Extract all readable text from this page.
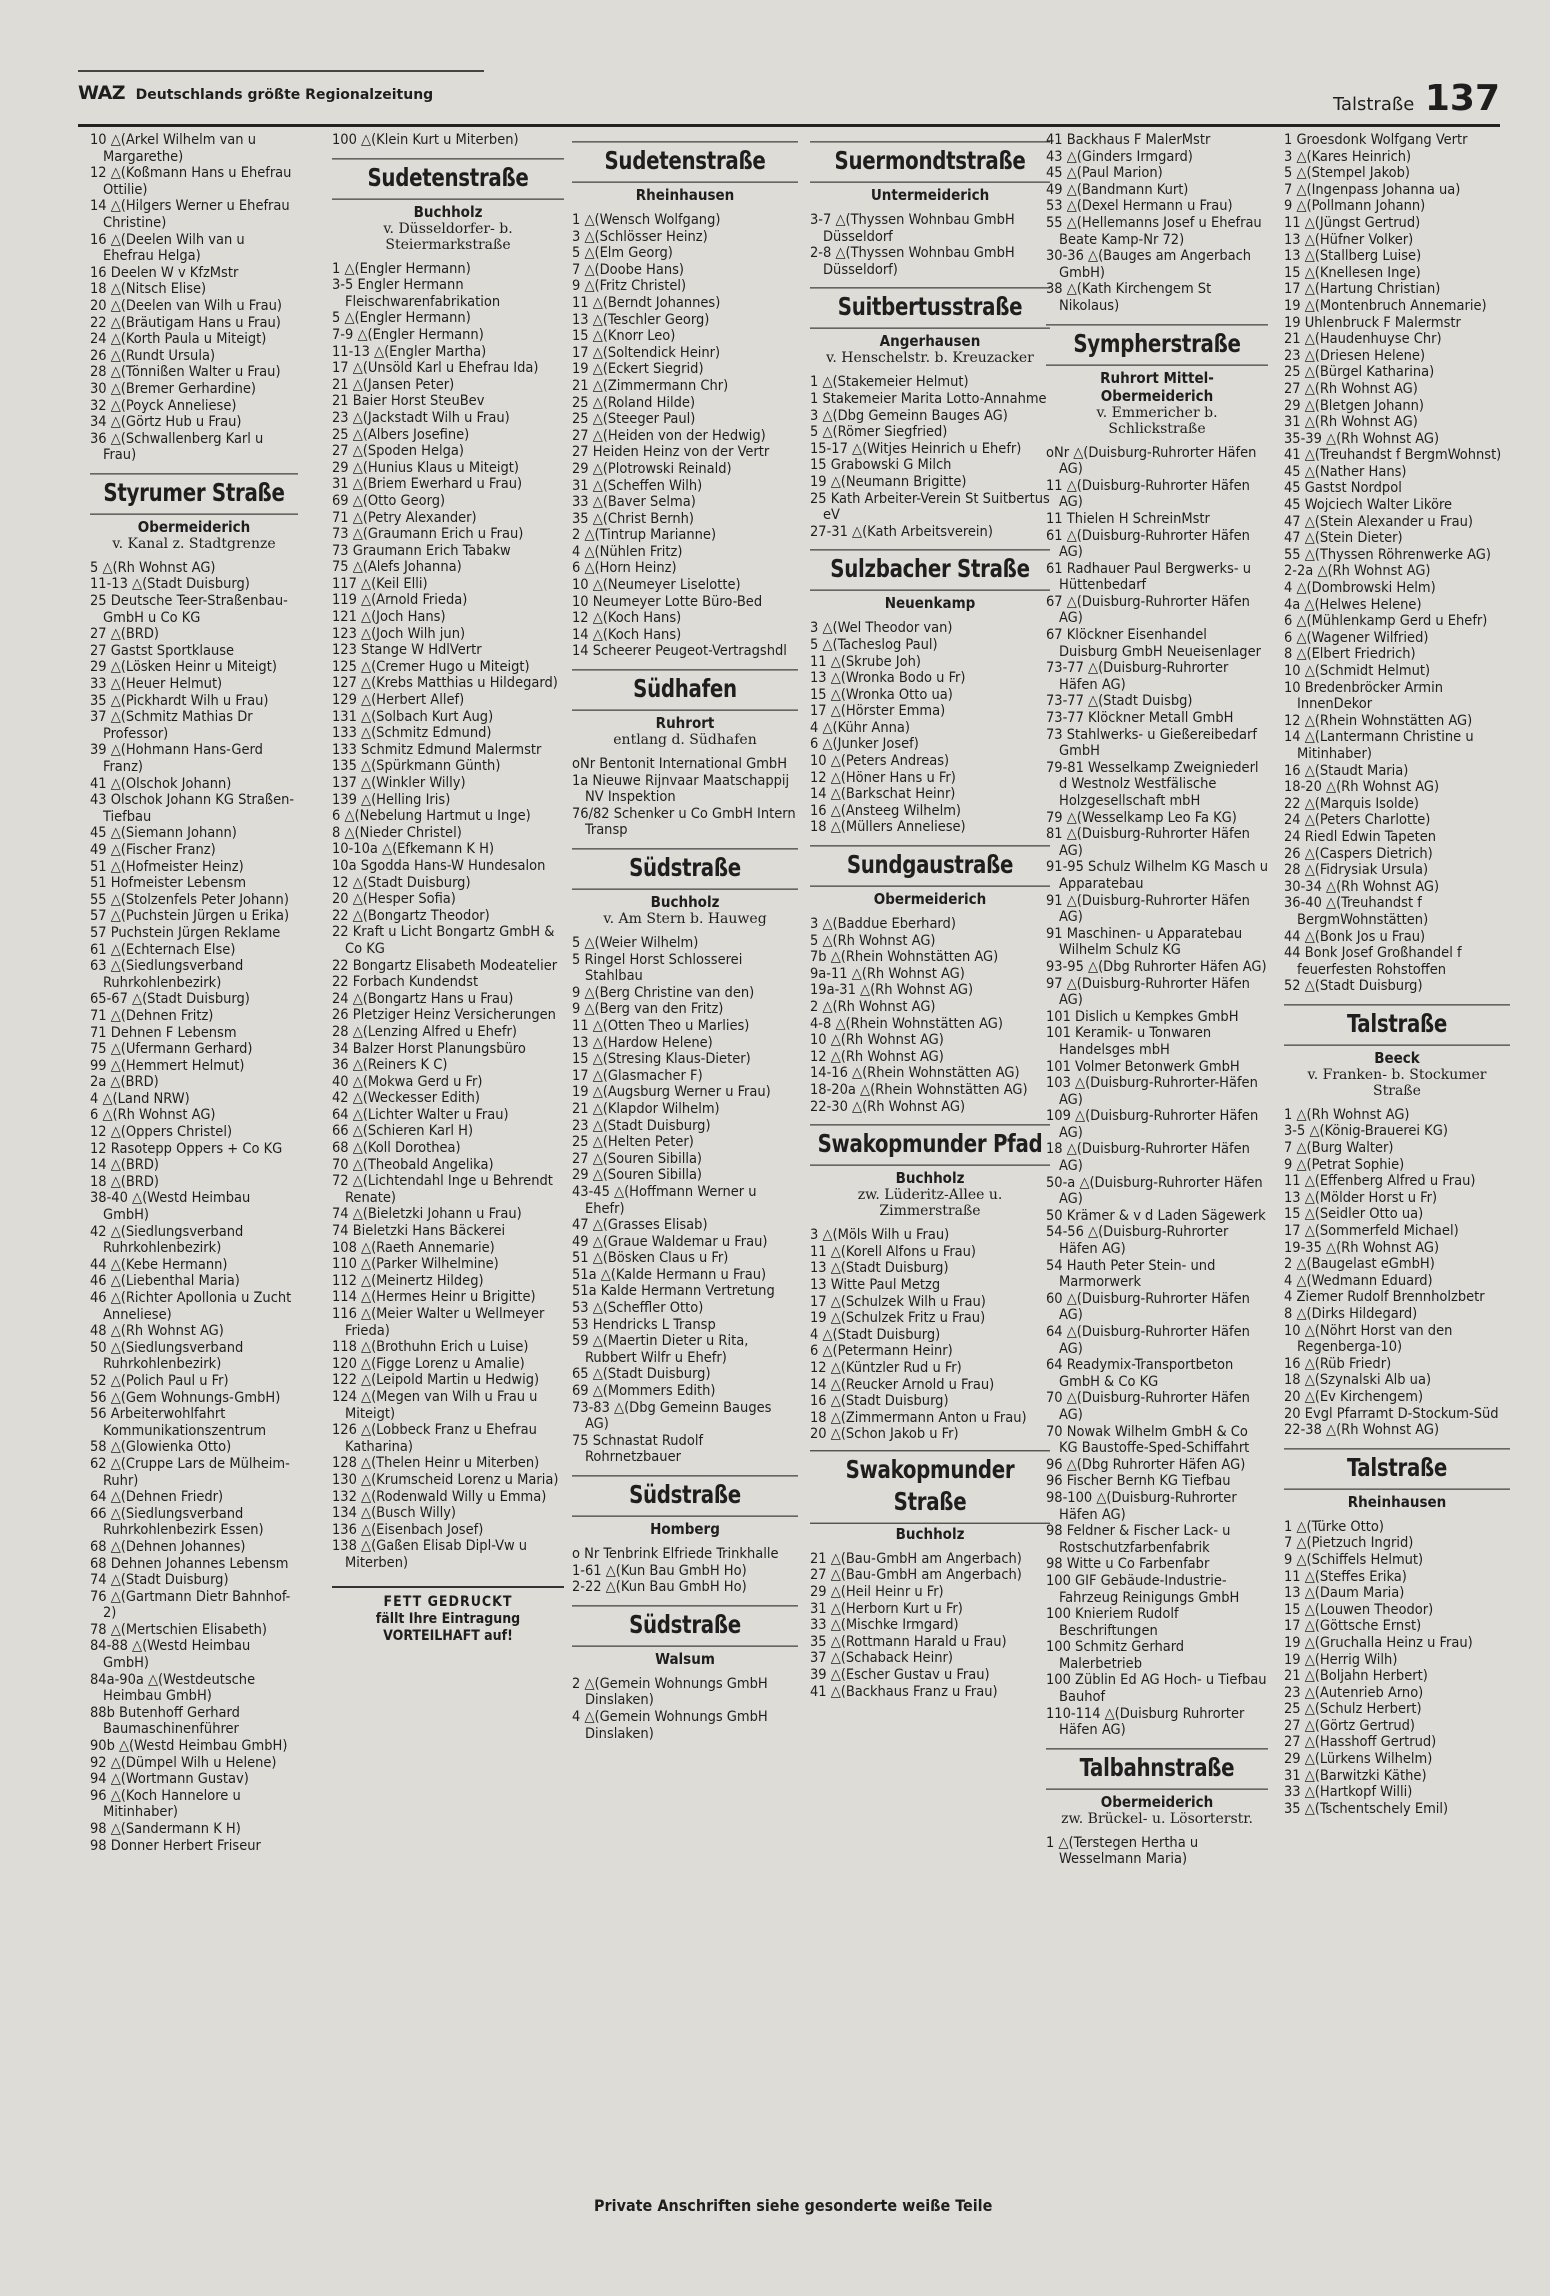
WAZ Deutschlands größte Regionalzeitung	Talstraße 137
10 △(Arkel Wilhelm van u Margarethe)
12 △(Koßmann Hans u Ehefrau Ottilie)
14 △(Hilgers Werner u Ehefrau Christine)
16 △(Deelen Wilh van u Ehefrau Helga)
16 Deelen W v KfzMstr
18 △(Nitsch Elise)
20 △(Deelen van Wilh u Frau)
22 △(Bräutigam Hans u Frau)
24 △(Korth Paula u Miteigt)
26 △(Rundt Ursula)
28 △(Tönnißen Walter u Frau)
30 △(Bremer Gerhardine)
32 △(Poyck Anneliese)
34 △(Görtz Hub u Frau)
36 △(Schwallenberg Karl u Frau)
Styrumer Straße
Obermeiderich
v. Kanal z. Stadtgrenze
5 △(Rh Wohnst AG)
11-13 △(Stadt Duisburg)
25 Deutsche Teer-Straßenbau-GmbH u Co KG
27 △(BRD)
27 Gastst Sportklause
29 △(Lösken Heinr u Miteigt)
33 △(Heuer Helmut)
35 △(Pickhardt Wilh u Frau)
37 △(Schmitz Mathias Dr Professor)
39 △(Hohmann Hans-Gerd Franz)
41 △(Olschok Johann)
43 Olschok Johann KG Straßen-Tiefbau
45 △(Siemann Johann)
49 △(Fischer Franz)
51 △(Hofmeister Heinz)
51 Hofmeister Lebensm
55 △(Stolzenfels Peter Johann)
57 △(Puchstein Jürgen u Erika)
57 Puchstein Jürgen Reklame
61 △(Echternach Else)
63 △(Siedlungsverband Ruhrkohlenbezirk)
65-67 △(Stadt Duisburg)
71 △(Dehnen Fritz)
71 Dehnen F Lebensm
75 △(Ufermann Gerhard)
99 △(Hemmert Helmut)
2a △(BRD)
4 △(Land NRW)
6 △(Rh Wohnst AG)
12 △(Oppers Christel)
12 Rasotepp Oppers + Co KG
14 △(BRD)
18 △(BRD)
38-40 △(Westd Heimbau GmbH)
42 △(Siedlungsverband Ruhrkohlenbezirk)
44 △(Kebe Hermann)
46 △(Liebenthal Maria)
46 △(Richter Apollonia u Zucht Anneliese)
48 △(Rh Wohnst AG)
50 △(Siedlungsverband Ruhrkohlenbezirk)
52 △(Polich Paul u Fr)
56 △(Gem Wohnungs-GmbH)
56 Arbeiterwohlfahrt Kommunikationszentrum
58 △(Glowienka Otto)
62 △(Cruppe Lars de Mülheim-Ruhr)
64 △(Dehnen Friedr)
66 △(Siedlungsverband Ruhrkohlenbezirk Essen)
68 △(Dehnen Johannes)
68 Dehnen Johannes Lebensm
74 △(Stadt Duisburg)
76 △(Gartmann Dietr Bahnhof-2)
78 △(Mertschien Elisabeth)
84-88 △(Westd Heimbau GmbH)
84a-90a △(Westdeutsche Heimbau GmbH)
88b Butenhoff Gerhard Baumaschinenführer
90b △(Westd Heimbau GmbH)
92 △(Dümpel Wilh u Helene)
94 △(Wortmann Gustav)
96 △(Koch Hannelore u Mitinhaber)
98 △(Sandermann K H)
98 Donner Herbert Friseur
100 △(Klein Kurt u Miterben)
Sudetenstraße
Buchholz
v. Düsseldorfer- b. Steiermarkstraße
1 △(Engler Hermann)
3-5 Engler Hermann Fleischwarenfabrikation
5 △(Engler Hermann)
7-9 △(Engler Hermann)
11-13 △(Engler Martha)
17 △(Unsöld Karl u Ehefrau Ida)
21 △(Jansen Peter)
21 Baier Horst SteuBev
23 △(Jackstadt Wilh u Frau)
25 △(Albers Josefine)
27 △(Spoden Helga)
29 △(Hunius Klaus u Miteigt)
31 △(Briem Ewerhard u Frau)
69 △(Otto Georg)
71 △(Petry Alexander)
73 △(Graumann Erich u Frau)
73 Graumann Erich Tabakw
75 △(Alefs Johanna)
117 △(Keil Elli)
119 △(Arnold Frieda)
121 △(Joch Hans)
123 △(Joch Wilh jun)
123 Stange W HdlVertr
125 △(Cremer Hugo u Miteigt)
127 △(Krebs Matthias u Hildegard)
129 △(Herbert Allef)
131 △(Solbach Kurt Aug)
133 △(Schmitz Edmund)
133 Schmitz Edmund Malermstr
135 △(Spürkmann Günth)
137 △(Winkler Willy)
139 △(Helling Iris)
6 △(Nebelung Hartmut u Inge)
8 △(Nieder Christel)
10-10a △(Efkemann K H)
10a Sgodda Hans-W Hundesalon
12 △(Stadt Duisburg)
20 △(Hesper Sofia)
22 △(Bongartz Theodor)
22 Kraft u Licht Bongartz GmbH & Co KG
22 Bongartz Elisabeth Modeatelier
22 Forbach Kundendst
24 △(Bongartz Hans u Frau)
26 Pletziger Heinz Versicherungen
28 △(Lenzing Alfred u Ehefr)
34 Balzer Horst Planungsbüro
36 △(Reiners K C)
40 △(Mokwa Gerd u Fr)
42 △(Weckesser Edith)
64 △(Lichter Walter u Frau)
66 △(Schieren Karl H)
68 △(Koll Dorothea)
70 △(Theobald Angelika)
72 △(Lichtendahl Inge u Behrendt Renate)
74 △(Bieletzki Johann u Frau)
74 Bieletzki Hans Bäckerei
108 △(Raeth Annemarie)
110 △(Parker Wilhelmine)
112 △(Meinertz Hildeg)
114 △(Hermes Heinr u Brigitte)
116 △(Meier Walter u Wellmeyer Frieda)
118 △(Brothuhn Erich u Luise)
120 △(Figge Lorenz u Amalie)
122 △(Leipold Martin u Hedwig)
124 △(Megen van Wilh u Frau u Miteigt)
126 △(Lobbeck Franz u Ehefrau Katharina)
128 △(Thelen Heinr u Miterben)
130 △(Krumscheid Lorenz u Maria)
132 △(Rodenwald Willy u Emma)
134 △(Busch Willy)
136 △(Eisenbach Josef)
138 △(Gaßen Elisab Dipl-Vw u Miterben)
FETT GEDRUCKT
fällt Ihre Eintragung VORTEILHAFT auf!
Sudetenstraße
Rheinhausen
1 △(Wensch Wolfgang)
3 △(Schlösser Heinz)
5 △(Elm Georg)
7 △(Doobe Hans)
9 △(Fritz Christel)
11 △(Berndt Johannes)
13 △(Teschler Georg)
15 △(Knorr Leo)
17 △(Soltendick Heinr)
19 △(Eckert Siegrid)
21 △(Zimmermann Chr)
25 △(Roland Hilde)
25 △(Steeger Paul)
27 △(Heiden von der Hedwig)
27 Heiden Heinz von der Vertr
29 △(Plotrowski Reinald)
31 △(Scheffen Wilh)
33 △(Baver Selma)
35 △(Christ Bernh)
2 △(Tintrup Marianne)
4 △(Nühlen Fritz)
6 △(Horn Heinz)
10 △(Neumeyer Liselotte)
10 Neumeyer Lotte Büro-Bed
12 △(Koch Hans)
14 △(Koch Hans)
14 Scheerer Peugeot-Vertragshdl
Südhafen
Ruhrort
entlang d. Südhafen
oNr Bentonit International GmbH
1a Nieuwe Rijnvaar Maatschappij NV Inspektion
76/82 Schenker u Co GmbH Intern Transp
Südstraße
Buchholz
v. Am Stern b. Hauweg
5 △(Weier Wilhelm)
5 Ringel Horst Schlosserei Stahlbau
9 △(Berg Christine van den)
9 △(Berg van den Fritz)
11 △(Otten Theo u Marlies)
13 △(Hardow Helene)
15 △(Stresing Klaus-Dieter)
17 △(Glasmacher F)
19 △(Augsburg Werner u Frau)
21 △(Klapdor Wilhelm)
23 △(Stadt Duisburg)
25 △(Helten Peter)
27 △(Souren Sibilla)
29 △(Souren Sibilla)
43-45 △(Hoffmann Werner u Ehefr)
47 △(Grasses Elisab)
49 △(Graue Waldemar u Frau)
51 △(Bösken Claus u Fr)
51a △(Kalde Hermann u Frau)
51a Kalde Hermann Vertretung
53 △(Scheffler Otto)
53 Hendricks L Transp
59 △(Maertin Dieter u Rita, Rubbert Wilfr u Ehefr)
65 △(Stadt Duisburg)
69 △(Mommers Edith)
73-83 △(Dbg Gemeinn Bauges AG)
75 Schnastat Rudolf Rohrnetzbauer
Südstraße
Homberg
o Nr Tenbrink Elfriede Trinkhalle
1-61 △(Kun Bau GmbH Ho)
2-22 △(Kun Bau GmbH Ho)
Südstraße
Walsum
2 △(Gemein Wohnungs GmbH Dinslaken)
4 △(Gemein Wohnungs GmbH Dinslaken)
Suermondtstraße
Untermeiderich
3-7 △(Thyssen Wohnbau GmbH Düsseldorf
2-8 △(Thyssen Wohnbau GmbH Düsseldorf)
Suitbertusstraße
Angerhausen
v. Henschelstr. b. Kreuzacker
1 △(Stakemeier Helmut)
1 Stakemeier Marita Lotto-Annahme
3 △(Dbg Gemeinn Bauges AG)
5 △(Römer Siegfried)
15-17 △(Witjes Heinrich u Ehefr)
15 Grabowski G Milch
19 △(Neumann Brigitte)
25 Kath Arbeiter-Verein St Suitbertus eV
27-31 △(Kath Arbeitsverein)
Sulzbacher Straße
Neuenkamp
3 △(Wel Theodor van)
5 △(Tacheslog Paul)
11 △(Skrube Joh)
13 △(Wronka Bodo u Fr)
15 △(Wronka Otto ua)
17 △(Hörster Emma)
4 △(Kühr Anna)
6 △(Junker Josef)
10 △(Peters Andreas)
12 △(Höner Hans u Fr)
14 △(Barkschat Heinr)
16 △(Ansteeg Wilhelm)
18 △(Müllers Anneliese)
Sundgaustraße
Obermeiderich
3 △(Baddue Eberhard)
5 △(Rh Wohnst AG)
7b △(Rhein Wohnstätten AG)
9a-11 △(Rh Wohnst AG)
19a-31 △(Rh Wohnst AG)
2 △(Rh Wohnst AG)
4-8 △(Rhein Wohnstätten AG)
10 △(Rh Wohnst AG)
12 △(Rh Wohnst AG)
14-16 △(Rhein Wohnstätten AG)
18-20a △(Rhein Wohnstätten AG)
22-30 △(Rh Wohnst AG)
Swakopmunder Pfad
Buchholz
zw. Lüderitz-Allee u. Zimmerstraße
3 △(Möls Wilh u Frau)
11 △(Korell Alfons u Frau)
13 △(Stadt Duisburg)
13 Witte Paul Metzg
17 △(Schulzek Wilh u Frau)
19 △(Schulzek Fritz u Frau)
4 △(Stadt Duisburg)
6 △(Petermann Heinr)
12 △(Küntzler Rud u Fr)
14 △(Reucker Arnold u Frau)
16 △(Stadt Duisburg)
18 △(Zimmermann Anton u Frau)
20 △(Schon Jakob u Fr)
Swakopmunder Straße
Buchholz
21 △(Bau-GmbH am Angerbach)
27 △(Bau-GmbH am Angerbach)
29 △(Heil Heinr u Fr)
31 △(Herborn Kurt u Fr)
33 △(Mischke Irmgard)
35 △(Rottmann Harald u Frau)
37 △(Schaback Heinr)
39 △(Escher Gustav u Frau)
41 △(Backhaus Franz u Frau)
41 Backhaus F MalerMstr
43 △(Ginders Irmgard)
45 △(Paul Marion)
49 △(Bandmann Kurt)
53 △(Dexel Hermann u Frau)
55 △(Hellemanns Josef u Ehefrau Beate Kamp-Nr 72)
30-36 △(Bauges am Angerbach GmbH)
38 △(Kath Kirchengem St Nikolaus)
Sympherstraße
Ruhrort Mittel-Obermeiderich
v. Emmericher b. Schlickstraße
oNr △(Duisburg-Ruhrorter Häfen AG)
11 △(Duisburg-Ruhrorter Häfen AG)
11 Thielen H SchreinMstr
61 △(Duisburg-Ruhrorter Häfen AG)
61 Radhauer Paul Bergwerks- u Hüttenbedarf
67 △(Duisburg-Ruhrorter Häfen AG)
67 Klöckner Eisenhandel Duisburg GmbH Neueisenlager
73-77 △(Duisburg-Ruhrorter Häfen AG)
73-77 △(Stadt Duisbg)
73-77 Klöckner Metall GmbH
73 Stahlwerks- u Gießereibedarf GmbH
79-81 Wesselkamp Zweigniederl d Westnolz Westfälische Holzgesellschaft mbH
79 △(Wesselkamp Leo Fa KG)
81 △(Duisburg-Ruhrorter Häfen AG)
91-95 Schulz Wilhelm KG Masch u Apparatebau
91 △(Duisburg-Ruhrorter Häfen AG)
91 Maschinen- u Apparatebau Wilhelm Schulz KG
93-95 △(Dbg Ruhrorter Häfen AG)
97 △(Duisburg-Ruhrorter Häfen AG)
101 Dislich u Kempkes GmbH
101 Keramik- u Tonwaren Handelsges mbH
101 Volmer Betonwerk GmbH
103 △(Duisburg-Ruhrorter-Häfen AG)
109 △(Duisburg-Ruhrorter Häfen AG)
18 △(Duisburg-Ruhrorter Häfen AG)
50-a △(Duisburg-Ruhrorter Häfen AG)
50 Krämer & v d Laden Sägewerk
54-56 △(Duisburg-Ruhrorter Häfen AG)
54 Hauth Peter Stein- und Marmorwerk
60 △(Duisburg-Ruhrorter Häfen AG)
64 △(Duisburg-Ruhrorter Häfen AG)
64 Readymix-Transportbeton GmbH & Co KG
70 △(Duisburg-Ruhrorter Häfen AG)
70 Nowak Wilhelm GmbH & Co KG Baustoffe-Sped-Schiffahrt
96 △(Dbg Ruhrorter Häfen AG)
96 Fischer Bernh KG Tiefbau
98-100 △(Duisburg-Ruhrorter Häfen AG)
98 Feldner & Fischer Lack- u Rostschutzfarbenfabrik
98 Witte u Co Farbenfabr
100 GIF Gebäude-Industrie-Fahrzeug Reinigungs GmbH
100 Knieriem Rudolf Beschriftungen
100 Schmitz Gerhard Malerbetrieb
100 Züblin Ed AG Hoch- u Tiefbau Bauhof
110-114 △(Duisburg Ruhrorter Häfen AG)
Talbahnstraße
Obermeiderich
zw. Brückel- u. Lösorterstr.
1 △(Terstegen Hertha u Wesselmann Maria)
1 Groesdonk Wolfgang Vertr
3 △(Kares Heinrich)
5 △(Stempel Jakob)
7 △(Ingenpass Johanna ua)
9 △(Pollmann Johann)
11 △(Jüngst Gertrud)
13 △(Hüfner Volker)
13 △(Stallberg Luise)
15 △(Knellesen Inge)
17 △(Hartung Christian)
19 △(Montenbruch Annemarie)
19 Uhlenbruck F Malermstr
21 △(Haudenhuyse Chr)
23 △(Driesen Helene)
25 △(Bürgel Katharina)
27 △(Rh Wohnst AG)
29 △(Bletgen Johann)
31 △(Rh Wohnst AG)
35-39 △(Rh Wohnst AG)
41 △(Treuhandst f BergmWohnst)
45 △(Nather Hans)
45 Gastst Nordpol
45 Wojciech Walter Liköre
47 △(Stein Alexander u Frau)
47 △(Stein Dieter)
55 △(Thyssen Röhrenwerke AG)
2-2a △(Rh Wohnst AG)
4 △(Dombrowski Helm)
4a △(Helwes Helene)
6 △(Mühlenkamp Gerd u Ehefr)
6 △(Wagener Wilfried)
8 △(Elbert Friedrich)
10 △(Schmidt Helmut)
10 Bredenbröcker Armin InnenDekor
12 △(Rhein Wohnstätten AG)
14 △(Lantermann Christine u Mitinhaber)
16 △(Staudt Maria)
18-20 △(Rh Wohnst AG)
22 △(Marquis Isolde)
24 △(Peters Charlotte)
24 Riedl Edwin Tapeten
26 △(Caspers Dietrich)
28 △(Fidrysiak Ursula)
30-34 △(Rh Wohnst AG)
36-40 △(Treuhandst f BergmWohnstätten)
44 △(Bonk Jos u Frau)
44 Bonk Josef Großhandel f feuerfesten Rohstoffen
52 △(Stadt Duisburg)
Talstraße
Beeck
v. Franken- b. Stockumer Straße
1 △(Rh Wohnst AG)
3-5 △(König-Brauerei KG)
7 △(Burg Walter)
9 △(Petrat Sophie)
11 △(Effenberg Alfred u Frau)
13 △(Mölder Horst u Fr)
15 △(Seidler Otto ua)
17 △(Sommerfeld Michael)
19-35 △(Rh Wohnst AG)
2 △(Baugelast eGmbH)
4 △(Wedmann Eduard)
4 Ziemer Rudolf Brennholzbetr
8 △(Dirks Hildegard)
10 △(Nöhrt Horst van den Regenberga-10)
16 △(Rüb Friedr)
18 △(Szynalski Alb ua)
20 △(Ev Kirchengem)
20 Evgl Pfarramt D-Stockum-Süd
22-38 △(Rh Wohnst AG)
Talstraße
Rheinhausen
1 △(Türke Otto)
7 △(Pietzuch Ingrid)
9 △(Schiffels Helmut)
11 △(Steffes Erika)
13 △(Daum Maria)
15 △(Louwen Theodor)
17 △(Göttsche Ernst)
19 △(Gruchalla Heinz u Frau)
19 △(Herrig Wilh)
21 △(Boljahn Herbert)
23 △(Autenrieb Arno)
25 △(Schulz Herbert)
27 △(Görtz Gertrud)
27 △(Hasshoff Gertrud)
29 △(Lürkens Wilhelm)
31 △(Barwitzki Käthe)
33 △(Hartkopf Willi)
35 △(Tschentschely Emil)
Private Anschriften siehe gesonderte weiße Teile
